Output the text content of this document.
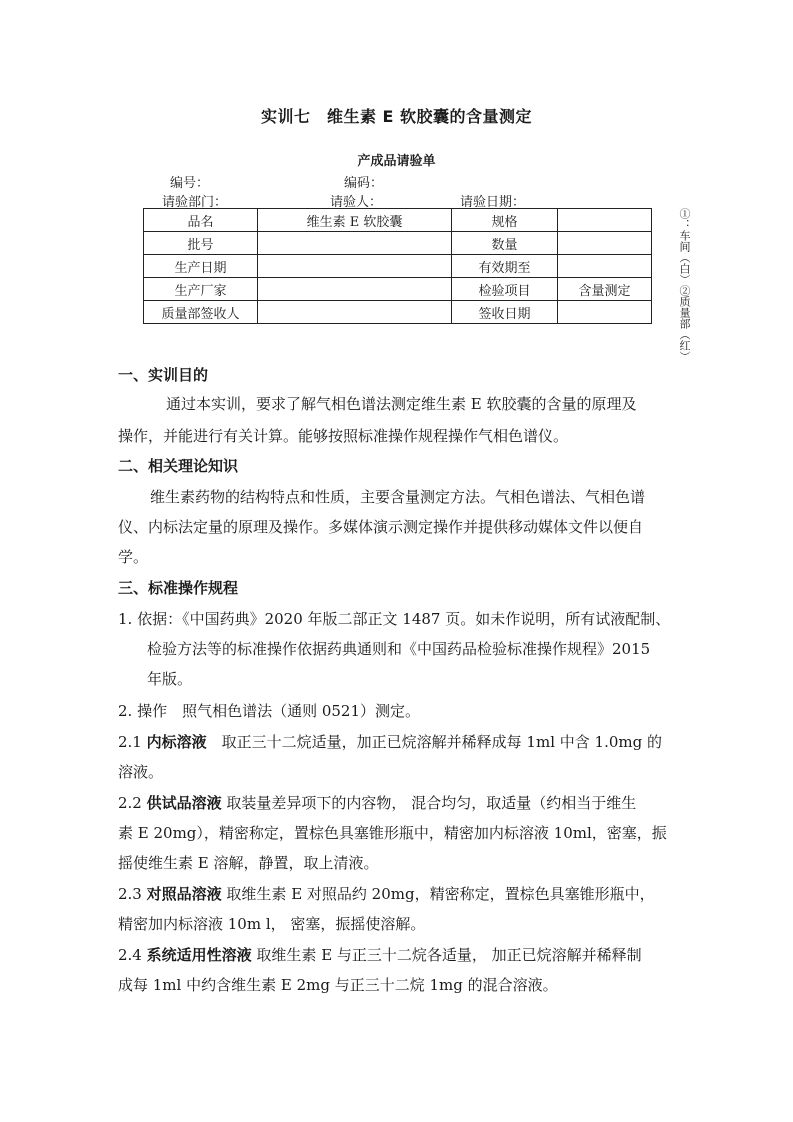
实训七　维生素 E 软胶囊的含量测定
产成品请验单
编号：	编码：
请验部门：	请验人：	请验日期：
品名	维生素 E 软胶囊	规格	
批号		数量	
生产日期		有效期至	
生产厂家		检验项目	含量测定
质量部签收人		签收日期		①：车间（白）②质量部（红）
一、实训目的
通过本实训，要求了解气相色谱法测定维生素 E 软胶囊的含量的原理及
操作，并能进行有关计算。能够按照标准操作规程操作气相色谱仪。
二、相关理论知识
维生素药物的结构特点和性质，主要含量测定方法。气相色谱法、气相色谱
仪、内标法定量的原理及操作。多媒体演示测定操作并提供移动媒体文件以便自
学。
三、标准操作规程
1. 依据：《中国药典》2020 年版二部正文 1487 页。如未作说明，所有试液配制、
检验方法等的标准操作依据药典通则和《中国药品检验标准操作规程》2015
年版。
2. 操作　照气相色谱法（通则 0521）测定。
2.1 内标溶液　取正三十二烷适量，加正已烷溶解并稀释成每 1ml 中含 1.0mg 的
溶液。
2.2 供试品溶液 取装量差异项下的内容物， 混合均匀，取适量（约相当于维生
素 E 20mg），精密称定，置棕色具塞锥形瓶中，精密加内标溶液 10ml，密塞，振
摇使维生素 E 溶解，静置，取上清液。
2.3 对照品溶液 取维生素 E 对照品约 20mg，精密称定，置棕色具塞锥形瓶中，
精密加内标溶液 10m l， 密塞，振摇使溶解。
2.4 系统适用性溶液 取维生素 E 与正三十二烷各适量， 加正已烷溶解并稀释制
成每 1ml 中约含维生素 E 2mg 与正三十二烷 1mg 的混合溶液。
